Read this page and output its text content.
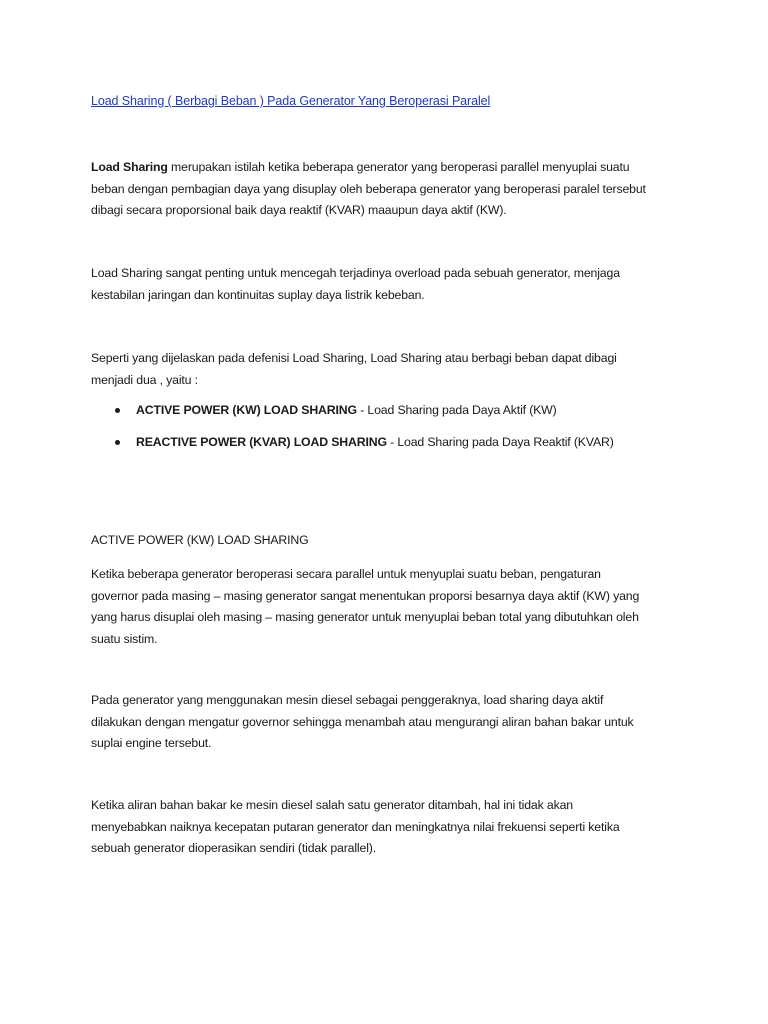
Load Sharing ( Berbagi Beban ) Pada Generator Yang Beroperasi Paralel

Load Sharing merupakan istilah ketika beberapa generator yang beroperasi parallel menyuplai suatu
beban dengan pembagian daya yang disuplay oleh beberapa generator yang beroperasi paralel tersebut
dibagi secara proporsional baik daya reaktif (KVAR) maaupun daya aktif (KW).

Load Sharing sangat penting untuk mencegah terjadinya overload pada sebuah generator, menjaga
kestabilan jaringan dan kontinuitas suplay daya listrik kebeban.

Seperti yang dijelaskan pada defenisi Load Sharing, Load Sharing atau berbagi beban dapat dibagi
menjadi dua , yaitu :

ACTIVE POWER (KW) LOAD SHARING - Load Sharing pada Daya Aktif (KW)
REACTIVE POWER (KVAR) LOAD SHARING - Load Sharing pada Daya Reaktif (KVAR)

ACTIVE POWER (KW) LOAD SHARING

Ketika beberapa generator beroperasi secara parallel untuk menyuplai suatu beban, pengaturan
governor pada masing – masing generator sangat menentukan proporsi besarnya daya aktif (KW) yang
yang harus disuplai oleh masing – masing generator untuk menyuplai beban total yang dibutuhkan oleh
suatu sistim.

Pada generator yang menggunakan mesin diesel sebagai penggeraknya, load sharing daya aktif
dilakukan dengan mengatur governor sehingga menambah atau mengurangi aliran bahan bakar untuk
suplai engine tersebut.

Ketika aliran bahan bakar ke mesin diesel salah satu generator ditambah, hal ini tidak akan
menyebabkan naiknya kecepatan putaran generator dan meningkatnya nilai frekuensi seperti ketika
sebuah generator dioperasikan sendiri (tidak parallel).
